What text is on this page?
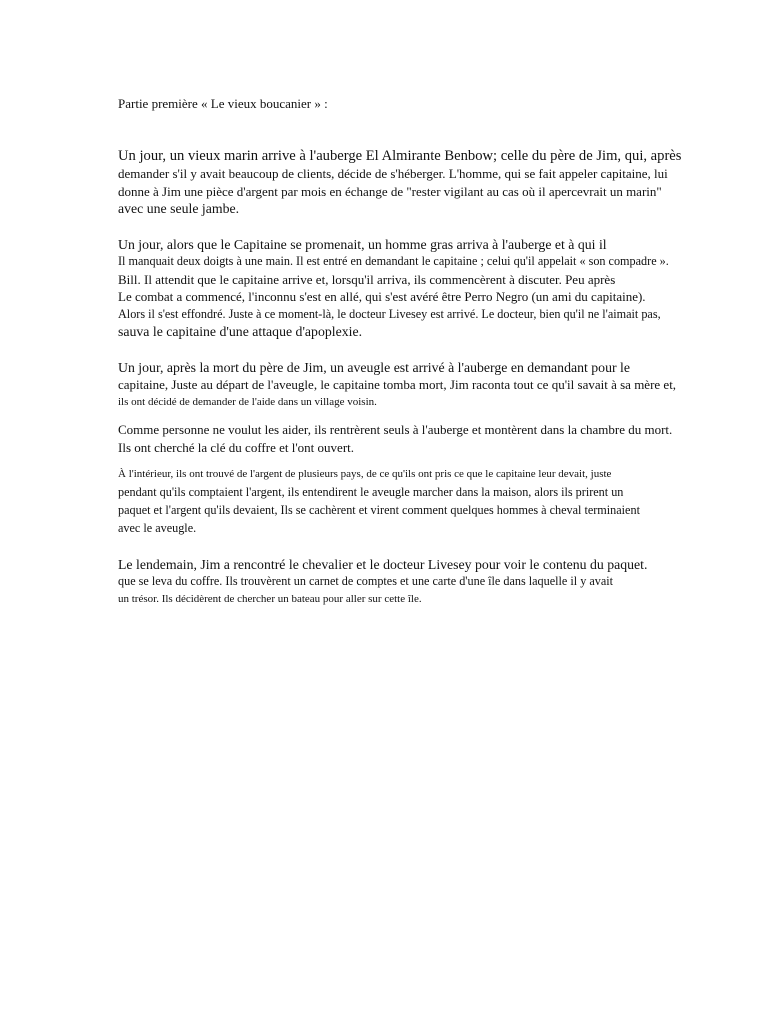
Partie première « Le vieux boucanier » :
Un jour, un vieux marin arrive à l'auberge El Almirante Benbow; celle du père de Jim, qui, après
demander s'il y avait beaucoup de clients, décide de s'héberger. L'homme, qui se fait appeler capitaine, lui
donne à Jim une pièce d'argent par mois en échange de "rester vigilant au cas où il apercevrait un marin"
avec une seule jambe.
Un jour, alors que le Capitaine se promenait, un homme gras arriva à l'auberge et à qui il
Il manquait deux doigts à une main. Il est entré en demandant le capitaine ; celui qu'il appelait « son compadre ».
Bill. Il attendit que le capitaine arrive et, lorsqu'il arriva, ils commencèrent à discuter. Peu après
Le combat a commencé, l'inconnu s'est en allé, qui s'est avéré être Perro Negro (un ami du capitaine).
Alors il s'est effondré. Juste à ce moment-là, le docteur Livesey est arrivé. Le docteur, bien qu'il ne l'aimait pas,
sauva le capitaine d'une attaque d'apoplexie.
Un jour, après la mort du père de Jim, un aveugle est arrivé à l'auberge en demandant pour le
capitaine, Juste au départ de l'aveugle, le capitaine tomba mort, Jim raconta tout ce qu'il savait à sa mère et,
ils ont décidé de demander de l'aide dans un village voisin.
Comme personne ne voulut les aider, ils rentrèrent seuls à l'auberge et montèrent dans la chambre du mort.
Ils ont cherché la clé du coffre et l'ont ouvert.
À l'intérieur, ils ont trouvé de l'argent de plusieurs pays, de ce qu'ils ont pris ce que le capitaine leur devait, juste
pendant qu'ils comptaient l'argent, ils entendirent le aveugle marcher dans la maison, alors ils prirent un
paquet et l'argent qu'ils devaient, Ils se cachèrent et virent comment quelques hommes à cheval terminaient
avec le aveugle.
Le lendemain, Jim a rencontré le chevalier et le docteur Livesey pour voir le contenu du paquet.
que se leva du coffre. Ils trouvèrent un carnet de comptes et une carte d'une île dans laquelle il y avait
un trésor. Ils décidèrent de chercher un bateau pour aller sur cette île.
